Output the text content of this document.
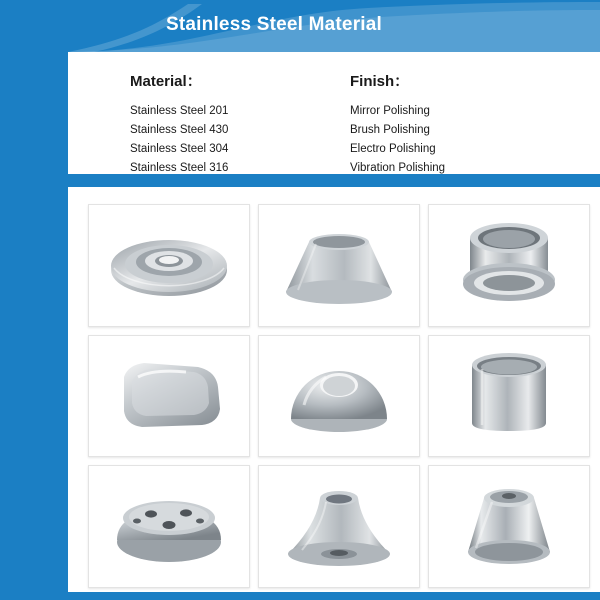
Stainless Steel Material
Material：
Stainless Steel 201
Stainless Steel 430
Stainless Steel 304
Stainless Steel 316
Finish：
Mirror Polishing
Brush Polishing
Electro Polishing
Vibration Polishing
